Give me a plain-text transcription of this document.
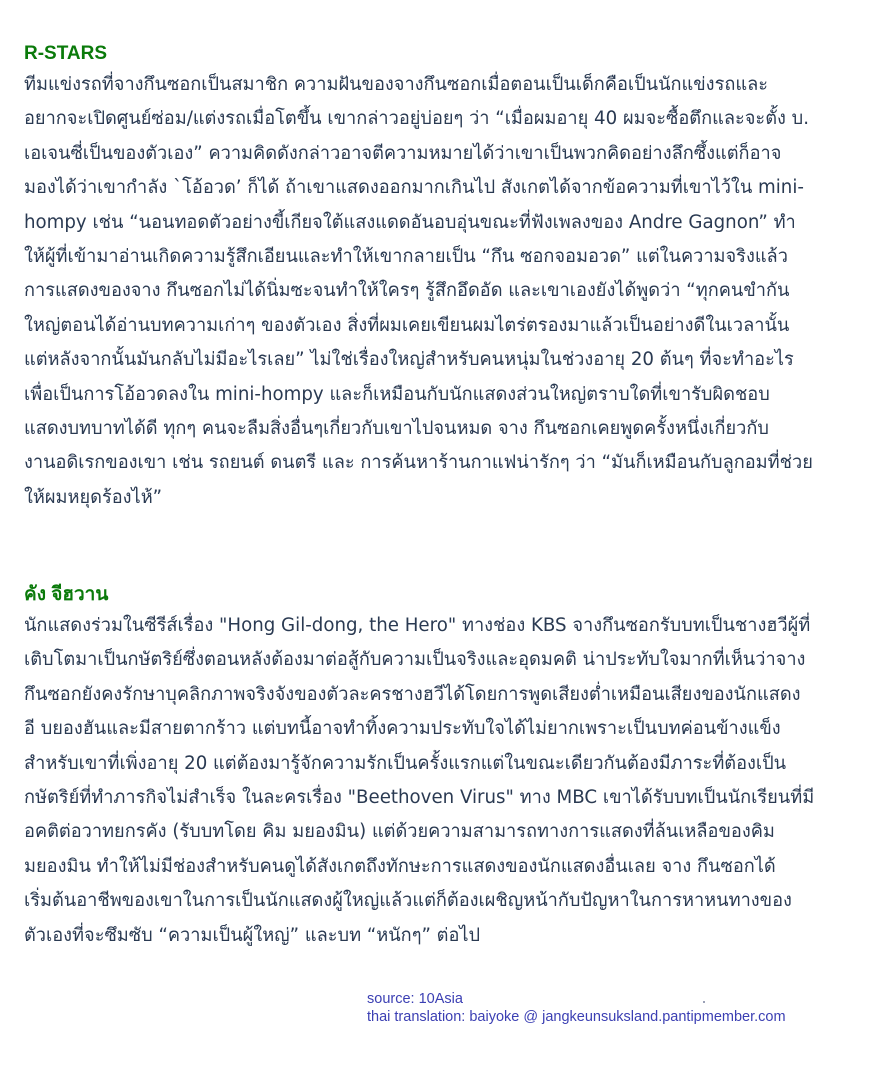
R-STARS

ทีมแข่งรถที่จางกึนซอกเป็นสมาชิก ความฝันของจางกึนซอกเมื่อตอนเป็นเด็กคือเป็นนักแข่งรถและ
อยากจะเปิดศูนย์ซ่อม/แต่งรถเมื่อโตขึ้น เขากล่าวอยู่บ่อยๆ ว่า “เมื่อผมอายุ 40 ผมจะซื้อตึกและจะตั้ง บ.
เอเจนซี่เป็นของตัวเอง” ความคิดดังกล่าวอาจตีความหมายได้ว่าเขาเป็นพวกคิดอย่างลึกซึ้งแต่ก็อาจ
มองได้ว่าเขากำลัง `โอ้อวด’ ก็ได้ ถ้าเขาแสดงออกมากเกินไป สังเกตได้จากข้อความที่เขาไว้ใน mini-
hompy เช่น “นอนทอดตัวอย่างขี้เกียจใต้แสงแดดอันอบอุ่นขณะที่ฟังเพลงของ Andre Gagnon” ทำ
ให้ผู้ที่เข้ามาอ่านเกิดความรู้สึกเอียนและทำให้เขากลายเป็น “กึน ซอกจอมอวด” แต่ในความจริงแล้ว
การแสดงของจาง กึนซอกไม่ได้นิ่มซะจนทำให้ใครๆ รู้สึกอึดอัด และเขาเองยังได้พูดว่า “ทุกคนขำกัน
ใหญ่ตอนได้อ่านบทความเก่าๆ ของตัวเอง สิ่งที่ผมเคยเขียนผมไตร่ตรองมาแล้วเป็นอย่างดีในเวลานั้น
แต่หลังจากนั้นมันกลับไม่มีอะไรเลย” ไม่ใช่เรื่องใหญ่สำหรับคนหนุ่มในช่วงอายุ 20 ต้นๆ ที่จะทำอะไร
เพื่อเป็นการโอ้อวดลงใน mini-hompy และก็เหมือนกับนักแสดงส่วนใหญ่ตราบใดที่เขารับผิดชอบ
แสดงบทบาทได้ดี ทุกๆ คนจะลืมสิ่งอื่นๆเกี่ยวกับเขาไปจนหมด จาง กึนซอกเคยพูดครั้งหนึ่งเกี่ยวกับ
งานอดิเรกของเขา เช่น รถยนต์ ดนตรี และ การค้นหาร้านกาแฟน่ารักๆ ว่า “มันก็เหมือนกับลูกอมที่ช่วย
ให้ผมหยุดร้องไห้”

คัง จีฮวาน

นักแสดงร่วมในซีรีส์เรื่อง "Hong Gil-dong, the Hero" ทางช่อง KBS จางกึนซอกรับบทเป็นชางฮวีผู้ที่
เติบโตมาเป็นกษัตริย์ซึ่งตอนหลังต้องมาต่อสู้กับความเป็นจริงและอุดมคติ น่าประทับใจมากที่เห็นว่าจาง
กึนซอกยังคงรักษาบุคลิกภาพจริงจังของตัวละครชางฮวีได้โดยการพูดเสียงต่ำเหมือนเสียงของนักแสดง
อี บยองฮันและมีสายตากร้าว แต่บทนี้อาจทำทิ้งความประทับใจได้ไม่ยากเพราะเป็นบทค่อนข้างแข็ง
สำหรับเขาที่เพิ่งอายุ 20 แต่ต้องมารู้จักความรักเป็นครั้งแรกแต่ในขณะเดียวกันต้องมีภาระที่ต้องเป็น
กษัตริย์ที่ทำภารกิจไม่สำเร็จ ในละครเรื่อง "Beethoven Virus" ทาง MBC เขาได้รับบทเป็นนักเรียนที่มี
อคติต่อวาทยกรคัง (รับบทโดย คิม มยองมิน) แต่ด้วยความสามารถทางการแสดงที่ล้นเหลือของคิม
มยองมิน ทำให้ไม่มีช่องสำหรับคนดูได้สังเกตถึงทักษะการแสดงของนักแสดงอื่นเลย จาง กึนซอกได้
เริ่มต้นอาชีพของเขาในการเป็นนักแสดงผู้ใหญ่แล้วแต่ก็ต้องเผชิญหน้ากับปัญหาในการหาหนทางของ
ตัวเองที่จะซึมซับ “ความเป็นผู้ใหญ่” และบท “หนักๆ” ต่อไป

source: 10Asia
thai translation: baiyoke @ jangkeunsuksland.pantipmember.com
